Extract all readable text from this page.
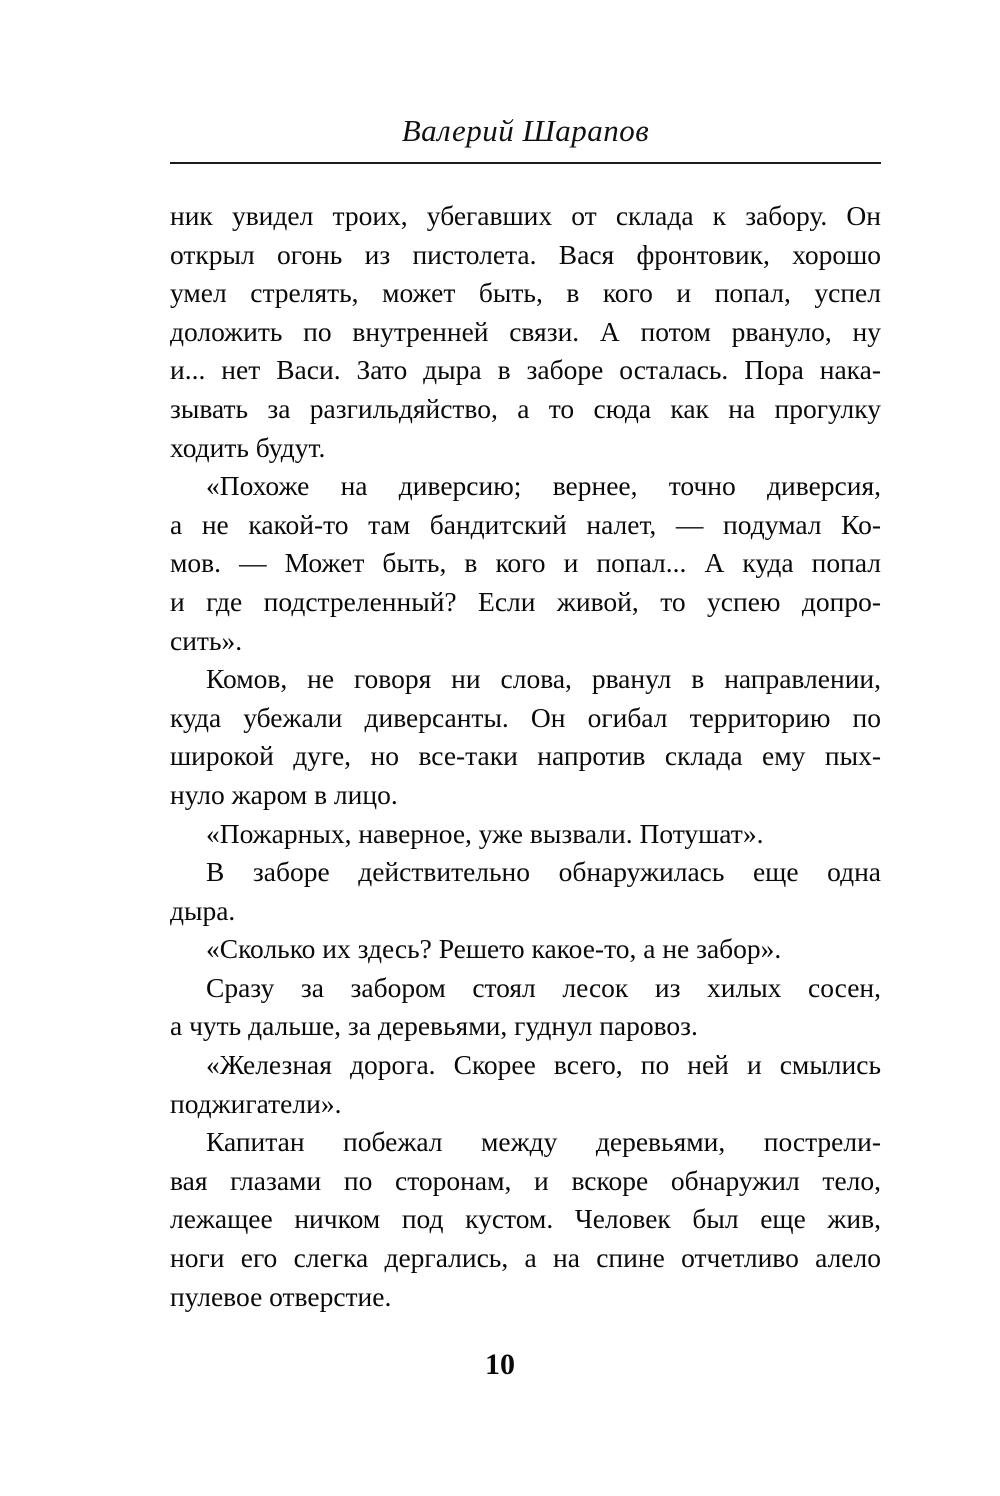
Валерий Шарапов
ник увидел троих, убегавших от склада к забору. Он
открыл огонь из пистолета. Вася фронтовик, хорошо
умел стрелять, может быть, в кого и попал, успел
доложить по внутренней связи. А потом рвануло, ну
и... нет Васи. Зато дыра в заборе осталась. Пора нака-
зывать за разгильдяйство, а то сюда как на прогулку
ходить будут.
«Похоже на диверсию; вернее, точно диверсия,
а не какой-то там бандитский налет, — подумал Ко-
мов. — Может быть, в кого и попал... А куда попал
и где подстреленный? Если живой, то успею допро-
сить».
Комов, не говоря ни слова, рванул в направлении,
куда убежали диверсанты. Он огибал территорию по
широкой дуге, но все-таки напротив склада ему пых-
нуло жаром в лицо.
«Пожарных, наверное, уже вызвали. Потушат».
В заборе действительно обнаружилась еще одна
дыра.
«Сколько их здесь? Решето какое-то, а не забор».
Сразу за забором стоял лесок из хилых сосен,
а чуть дальше, за деревьями, гуднул паровоз.
«Железная дорога. Скорее всего, по ней и смылись
поджигатели».
Капитан побежал между деревьями, пострели-
вая глазами по сторонам, и вскоре обнаружил тело,
лежащее ничком под кустом. Человек был еще жив,
ноги его слегка дергались, а на спине отчетливо алело
пулевое отверстие.
10
